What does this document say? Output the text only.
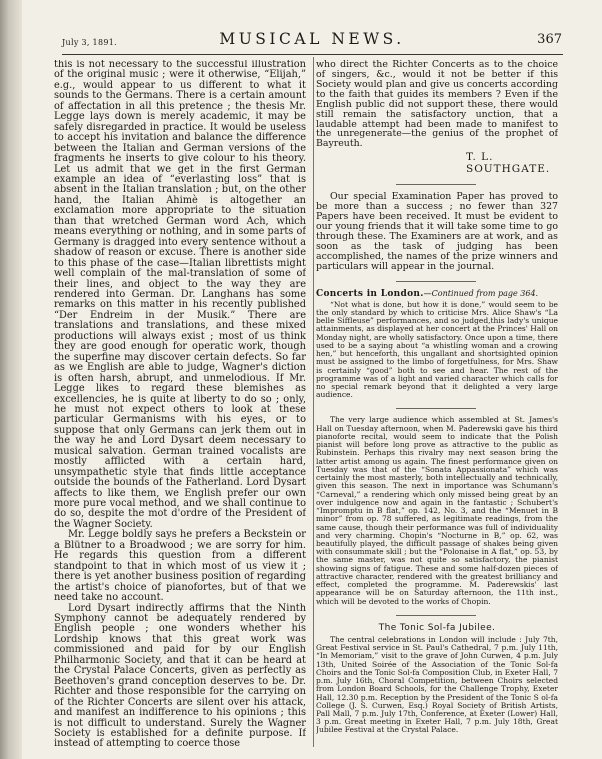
July 3, 1891.	MUSICAL NEWS.	367

this is not necessary to the successful illustration of the original music ; were it otherwise, “Elijah,” e.g., would appear to us different to what it sounds to the Germans. There is a certain amount of affectation in all this pretence ; the thesis Mr. Legge lays down is merely academic, it may be safely disregarded in practice. It would be useless to accept his invitation and balance the difference between the Italian and German versions of the fragments he inserts to give colour to his theory. Let us admit that we get in the first German example an idea of “everlasting loss” that is absent in the Italian translation ; but, on the other hand, the Italian Ahimè is altogether an exclamation more appropriate to the situation than that wretched German word Ach, which means everything or nothing, and in some parts of Germany is dragged into every sentence without a shadow of reason or excuse. There is another side to this phase of the case—Italian librettists might well complain of the mal-translation of some of their lines, and object to the way they are rendered into German. Dr. Langhans has some remarks on this matter in his recently published “Der Endreim in der Musik.” There are translations and translations, and these mixed productions will always exist ; most of us think they are good enough for operatic work, though the superfine may discover certain defects. So far as we English are able to judge, Wagner's diction is often harsh, abrupt, and unmelodious. If Mr. Legge likes to regard these blemishes as excellencies, he is quite at liberty to do so ; only, he must not expect others to look at these particular Germanisms with his eyes, or to suppose that only Germans can jerk them out in the way he and Lord Dysart deem necessary to musical salvation. German trained vocalists are mostly afflicted with a certain hard, unsympathetic style that finds little acceptance outside the bounds of the Fatherland. Lord Dysart affects to like them, we English prefer our own more pure vocal method, and we shall continue to do so, despite the mot d'ordre of the President of the Wagner Society.

Mr. Legge boldly says he prefers a Beckstein or a Blütner to a Broadwood ; we are sorry for him. He regards this question from a different standpoint to that in which most of us view it ; there is yet another business position of regarding the artist's choice of pianofortes, but of that we need take no account.

Lord Dysart indirectly affirms that the Ninth Symphony cannot be adequately rendered by English people ; one wonders whether his Lordship knows that this great work was commissioned and paid for by our English Philharmonic Society, and that it can be heard at the Crystal Palace Concerts, given as perfectly as Beethoven's grand conception deserves to be. Dr. Richter and those responsible for the carrying on of the Richter Concerts are silent over his attack, and manifest an indifference to his opinions ; this is not difficult to understand. Surely the Wagner Society is established for a definite purpose. If instead of attempting to coerce those

who direct the Richter Concerts as to the choice of singers, &c., would it not be better if this Society would plan and give us concerts according to the faith that guides its members ? Even if the English public did not support these, there would still remain the satisfactory unction, that a laudable attempt had been made to manifest to the unregenerate—the genius of the prophet of Bayreuth.

T. L. SOUTHGATE.

Our special Examination Paper has proved to be more than a success ; no fewer than 327 Papers have been received. It must be evident to our young friends that it will take some time to go through these. The Examiners are at work, and as soon as the task of judging has been accomplished, the names of the prize winners and particulars will appear in the journal.

Concerts in London.—Continued from page 364.

“Not what is done, but how it is done,” would seem to be the only standard by which to criticise Mrs. Alice Shaw's “La belle Siffleuse” performances, and so judged,this lady's unique attainments, as displayed at her concert at the Princes' Hall on Monday night, are wholly satisfactory. Once upon a time, there used to be a saying about “a whistling woman and a crowing hen,” but henceforth, this ungallant and shortsighted opinion must be assigned to the limbo of forgetfulness, for Mrs. Shaw is certainly “good” both to see and hear. The rest of the programme was of a light and varied character which calls for no special remark beyond that it delighted a very large audience.

The very large audience which assembled at St. James's Hall on Tuesday afternoon, when M. Paderewski gave his third pianoforte recital, would seem to indicate that the Polish pianist will before long prove as attractive to the public as Rubinstein. Perhaps this rivalry may next season bring the latter artist among us again. The finest performance given on Tuesday was that of the “Sonata Appassionata” which was certainly the most masterly, both intellectually and technically, given this season. The next in importance was Schumann's “Carneval,” a rendering which only missed being great by an over indulgence now and again in the fantastic ; Schubert's “Impromptu in B flat,” op. 142, No. 3, and the “Menuet in B minor” from op. 78 suffered, as legitimate readings, from the same cause, though their performance was full of individuality and very charming. Chopin's “Nocturne in B,” op. 62, was beautifully played, the difficult passage of shakes being given with consummate skill ; but the “Polonaise in A flat,” op. 53, by the same master, was not quite so satisfactory, the pianist showing signs of fatigue. These and some half-dozen pieces of attractive character, rendered with the greatest brilliancy and effect, completed the programme. M. Paderewskis' last appearance will be on Saturday afternoon, the 11th inst., which will be devoted to the works of Chopin.

The Tonic Sol-fa Jubilee.

The central celebrations in London will include : July 7th, Great Festival service in St. Paul's Cathedral, 7 p.m. July 11th, “In Memoriam,” visit to the grave of John Curwen, 4 p.m. July 13th, United Soirée of the Association of the Tonic Sol-fa Choirs and the Tonic Sol-fa Composition Club, in Exeter Hall, 7 p.m. July 16th, Choral Competition, between Choirs selected from London Board Schools, for the Challenge Trophy, Exeter Hall, 12.30 p.m. Reception by the President of the Tonic S ol-fa College (J. S. Curwen, Esq.) Royal Society of British Artists, Pall Mall, 7 p.m. July 17th, Conference, at Exeter (Lower) Hall, 3 p.m. Great meeting in Exeter Hall, 7 p.m. July 18th, Great Jubilee Festival at the Crystal Palace.
